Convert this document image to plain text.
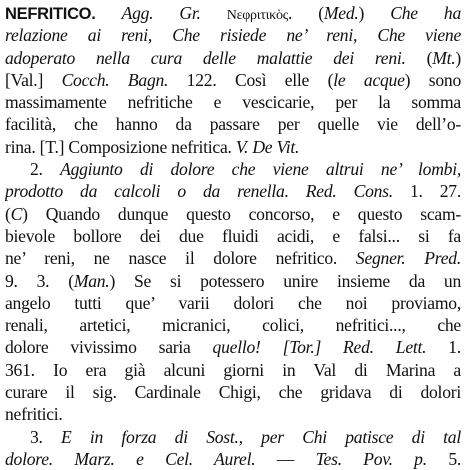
NEFRITICO. Agg. Gr. Νεφριτικὸς. (Med.) Che ha
relazione ai reni, Che risiede ne’ reni, Che viene
adoperato nella cura delle malattie dei reni. (Mt.)
[Val.] Cocch. Bagn. 122. Così elle (le acque) sono
massimamente nefritiche e vescicarie, per la somma
facilità, che hanno da passare per quelle vie dell’o-
rina. [T.] Composizione nefritica. V. De Vit.
2. Aggiunto di dolore che viene altrui ne’ lombi,
prodotto da calcoli o da renella. Red. Cons. 1. 27.
(C) Quando dunque questo concorso, e questo scam-
bievole bollore dei due fluidi acidi, e falsi... si fa
ne’ reni, ne nasce il dolore nefritico. Segner. Pred.
9. 3. (Man.) Se si potessero unire insieme da un
angelo tutti que’ varii dolori che noi proviamo,
renali, artetici, micranici, colici, nefritici..., che
dolore vivissimo saria quello! [Tor.] Red. Lett. 1.
361. Io era già alcuni giorni in Val di Marina a
curare il sig. Cardinale Chigi, che gridava di dolori
nefritici.
3. E in forza di Sost., per Chi patisce di tal
dolore. Marz. e Cel. Aurel. — Tes. Pov. p. 5.
